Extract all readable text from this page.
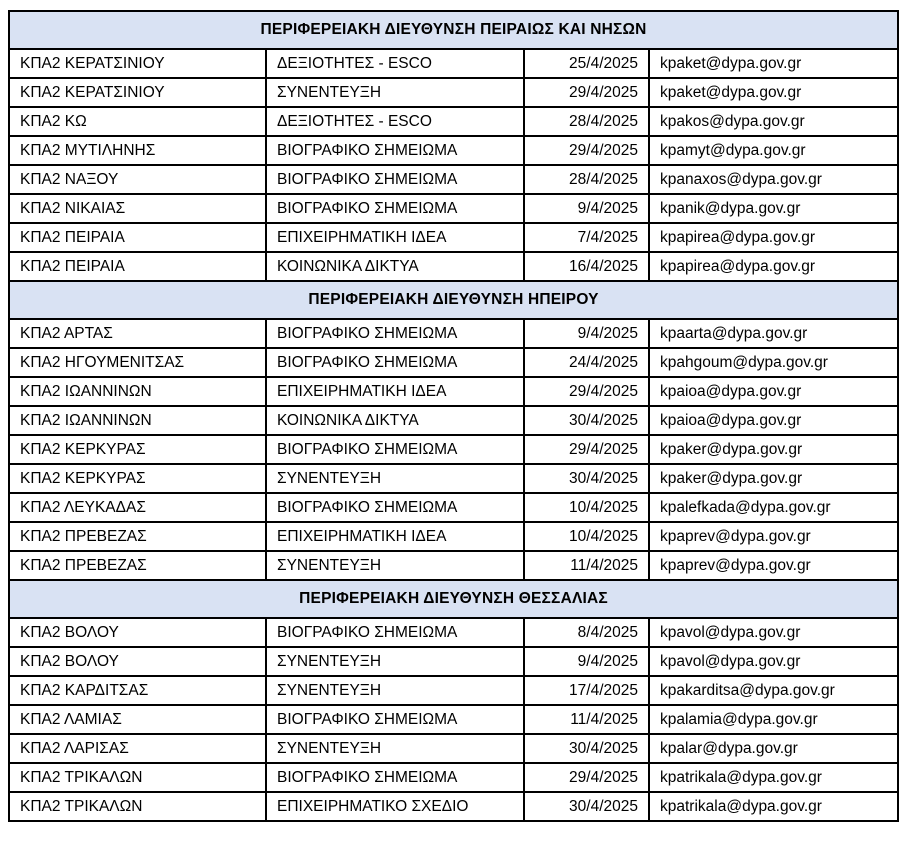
ΠΕΡΙΦΕΡΕΙΑΚΗ ΔΙΕΥΘΥΝΣΗ ΠΕΙΡΑΙΩΣ ΚΑΙ ΝΗΣΩΝ			
ΚΠΑ2 ΚΕΡΑΤΣΙΝΙΟΥ	ΔΕΞΙΟΤΗΤΕΣ - ESCO	25/4/2025	kpaket@dypa.gov.gr
ΚΠΑ2 ΚΕΡΑΤΣΙΝΙΟΥ	ΣΥΝΕΝΤΕΥΞΗ	29/4/2025	kpaket@dypa.gov.gr
ΚΠΑ2 ΚΩ	ΔΕΞΙΟΤΗΤΕΣ - ESCO	28/4/2025	kpakos@dypa.gov.gr
ΚΠΑ2 ΜΥΤΙΛΗΝΗΣ	ΒΙΟΓΡΑΦΙΚΟ ΣΗΜΕΙΩΜΑ	29/4/2025	kpamyt@dypa.gov.gr
ΚΠΑ2 ΝΑΞΟΥ	ΒΙΟΓΡΑΦΙΚΟ ΣΗΜΕΙΩΜΑ	28/4/2025	kpanaxos@dypa.gov.gr
ΚΠΑ2 ΝΙΚΑΙΑΣ	ΒΙΟΓΡΑΦΙΚΟ ΣΗΜΕΙΩΜΑ	9/4/2025	kpanik@dypa.gov.gr
ΚΠΑ2 ΠΕΙΡΑΙΑ	ΕΠΙΧΕΙΡΗΜΑΤΙΚΗ ΙΔΕΑ	7/4/2025	kpapirea@dypa.gov.gr
ΚΠΑ2 ΠΕΙΡΑΙΑ	ΚΟΙΝΩΝΙΚΑ ΔΙΚΤΥΑ	16/4/2025	kpapirea@dypa.gov.gr
ΠΕΡΙΦΕΡΕΙΑΚΗ ΔΙΕΥΘΥΝΣΗ ΗΠΕΙΡΟΥ			
ΚΠΑ2 ΑΡΤΑΣ	ΒΙΟΓΡΑΦΙΚΟ ΣΗΜΕΙΩΜΑ	9/4/2025	kpaarta@dypa.gov.gr
ΚΠΑ2 ΗΓΟΥΜΕΝΙΤΣΑΣ	ΒΙΟΓΡΑΦΙΚΟ ΣΗΜΕΙΩΜΑ	24/4/2025	kpahgoum@dypa.gov.gr
ΚΠΑ2 ΙΩΑΝΝΙΝΩΝ	ΕΠΙΧΕΙΡΗΜΑΤΙΚΗ ΙΔΕΑ	29/4/2025	kpaioa@dypa.gov.gr
ΚΠΑ2 ΙΩΑΝΝΙΝΩΝ	ΚΟΙΝΩΝΙΚΑ ΔΙΚΤΥΑ	30/4/2025	kpaioa@dypa.gov.gr
ΚΠΑ2 ΚΕΡΚΥΡΑΣ	ΒΙΟΓΡΑΦΙΚΟ ΣΗΜΕΙΩΜΑ	29/4/2025	kpaker@dypa.gov.gr
ΚΠΑ2 ΚΕΡΚΥΡΑΣ	ΣΥΝΕΝΤΕΥΞΗ	30/4/2025	kpaker@dypa.gov.gr
ΚΠΑ2 ΛΕΥΚΑΔΑΣ	ΒΙΟΓΡΑΦΙΚΟ ΣΗΜΕΙΩΜΑ	10/4/2025	kpalefkada@dypa.gov.gr
ΚΠΑ2 ΠΡΕΒΕΖΑΣ	ΕΠΙΧΕΙΡΗΜΑΤΙΚΗ ΙΔΕΑ	10/4/2025	kpaprev@dypa.gov.gr
ΚΠΑ2 ΠΡΕΒΕΖΑΣ	ΣΥΝΕΝΤΕΥΞΗ	11/4/2025	kpaprev@dypa.gov.gr
ΠΕΡΙΦΕΡΕΙΑΚΗ ΔΙΕΥΘΥΝΣΗ ΘΕΣΣΑΛΙΑΣ			
ΚΠΑ2 ΒΟΛΟΥ	ΒΙΟΓΡΑΦΙΚΟ ΣΗΜΕΙΩΜΑ	8/4/2025	kpavol@dypa.gov.gr
ΚΠΑ2 ΒΟΛΟΥ	ΣΥΝΕΝΤΕΥΞΗ	9/4/2025	kpavol@dypa.gov.gr
ΚΠΑ2 ΚΑΡΔΙΤΣΑΣ	ΣΥΝΕΝΤΕΥΞΗ	17/4/2025	kpakarditsa@dypa.gov.gr
ΚΠΑ2 ΛΑΜΙΑΣ	ΒΙΟΓΡΑΦΙΚΟ ΣΗΜΕΙΩΜΑ	11/4/2025	kpalamia@dypa.gov.gr
ΚΠΑ2 ΛΑΡΙΣΑΣ	ΣΥΝΕΝΤΕΥΞΗ	30/4/2025	kpalar@dypa.gov.gr
ΚΠΑ2 ΤΡΙΚΑΛΩΝ	ΒΙΟΓΡΑΦΙΚΟ ΣΗΜΕΙΩΜΑ	29/4/2025	kpatrikala@dypa.gov.gr
ΚΠΑ2 ΤΡΙΚΑΛΩΝ	ΕΠΙΧΕΙΡΗΜΑΤΙΚΟ ΣΧΕΔΙΟ	30/4/2025	kpatrikala@dypa.gov.gr
